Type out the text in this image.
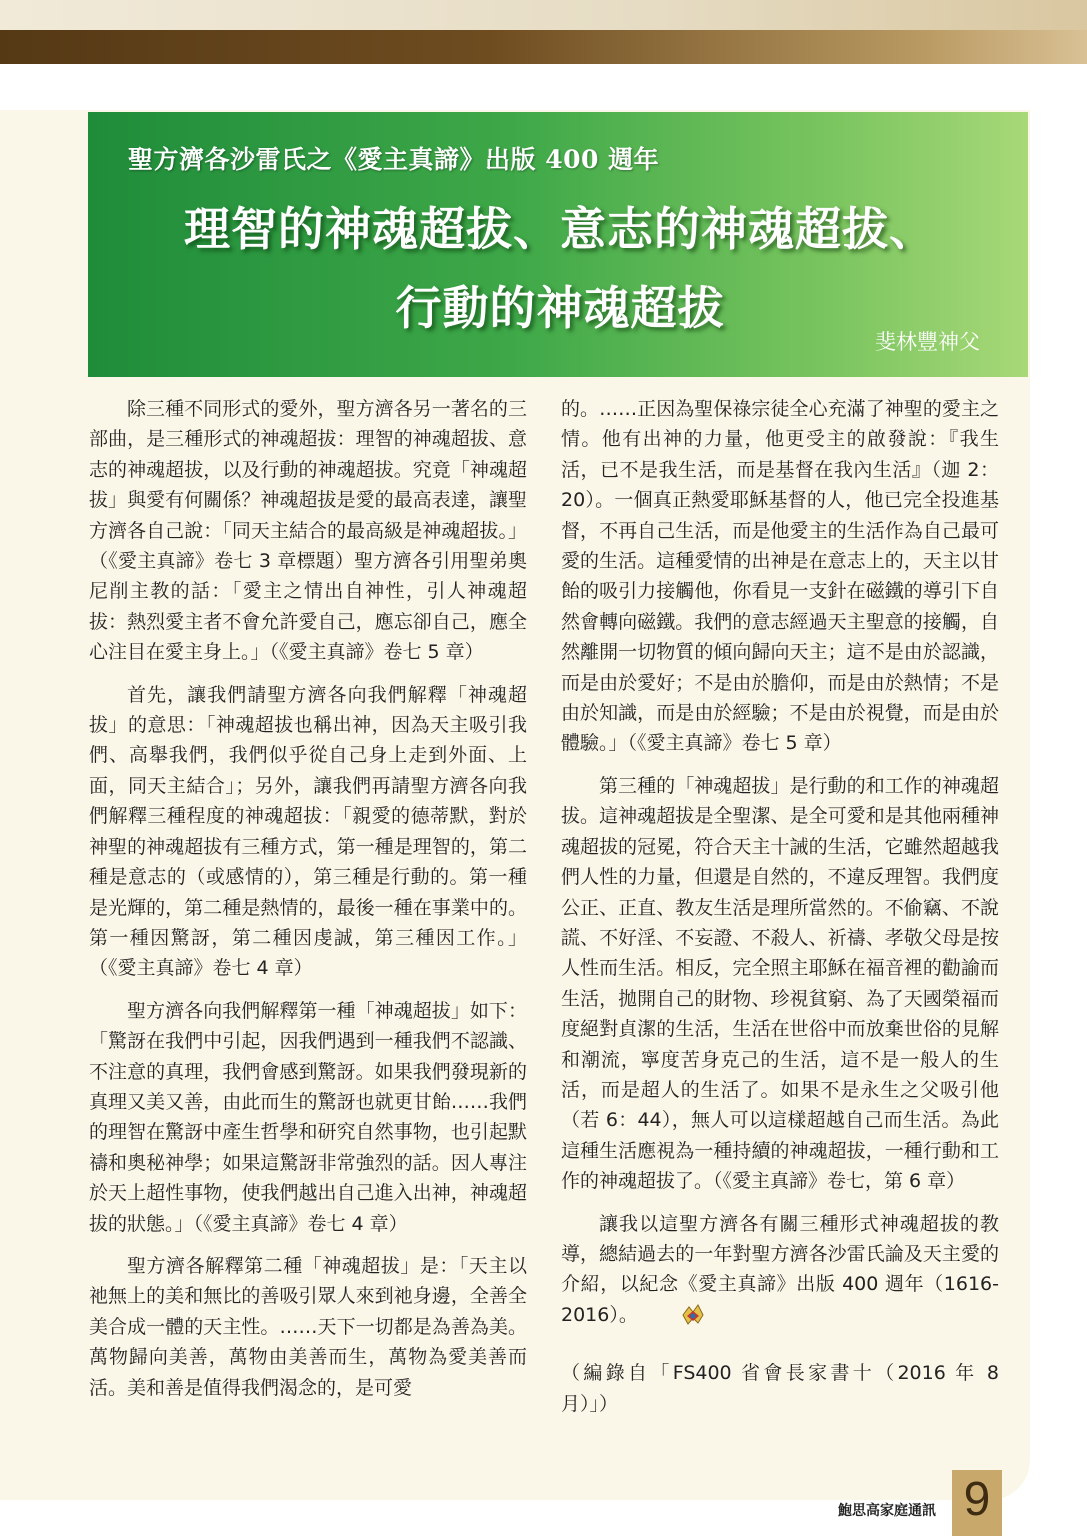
聖方濟各沙雷氏之《愛主真諦》出版 400 週年
理智的神魂超拔、意志的神魂超拔、
行動的神魂超拔
斐林豐神父

除三種不同形式的愛外，聖方濟各另一著名的三部曲，是三種形式的神魂超拔：理智的神魂超拔、意志的神魂超拔，以及行動的神魂超拔。究竟「神魂超拔」與愛有何關係？神魂超拔是愛的最高表達，讓聖方濟各自己說：「同天主結合的最高級是神魂超拔。」（《愛主真諦》卷七 3 章標題）聖方濟各引用聖弟奧尼削主教的話：「愛主之情出自神性，引人神魂超拔：熱烈愛主者不會允許愛自己，應忘卻自己，應全心注目在愛主身上。」（《愛主真諦》卷七 5 章）

首先，讓我們請聖方濟各向我們解釋「神魂超拔」的意思：「神魂超拔也稱出神，因為天主吸引我們、高舉我們，我們似乎從自己身上走到外面、上面，同天主結合」；另外，讓我們再請聖方濟各向我們解釋三種程度的神魂超拔：「親愛的德蒂默，對於神聖的神魂超拔有三種方式，第一種是理智的，第二種是意志的（或感情的），第三種是行動的。第一種是光輝的，第二種是熱情的，最後一種在事業中的。第一種因驚訝，第二種因虔誠，第三種因工作。」（《愛主真諦》卷七 4 章）

聖方濟各向我們解釋第一種「神魂超拔」如下：「驚訝在我們中引起，因我們遇到一種我們不認識、不注意的真理，我們會感到驚訝。如果我們發現新的真理又美又善，由此而生的驚訝也就更甘飴……我們的理智在驚訝中產生哲學和研究自然事物，也引起默禱和奧秘神學；如果這驚訝非常強烈的話。因人專注於天上超性事物，使我們越出自己進入出神，神魂超拔的狀態。」（《愛主真諦》卷七 4 章）

聖方濟各解釋第二種「神魂超拔」是：「天主以祂無上的美和無比的善吸引眾人來到祂身邊，全善全美合成一體的天主性。……天下一切都是為善為美。萬物歸向美善，萬物由美善而生，萬物為愛美善而活。美和善是值得我們渴念的，是可愛

的。……正因為聖保祿宗徒全心充滿了神聖的愛主之情。他有出神的力量，他更受主的啟發說：『我生活，已不是我生活，而是基督在我內生活』（迦 2：20）。一個真正熱愛耶穌基督的人，他已完全投進基督，不再自己生活，而是他愛主的生活作為自己最可愛的生活。這種愛情的出神是在意志上的，天主以甘飴的吸引力接觸他，你看見一支針在磁鐵的導引下自然會轉向磁鐵。我們的意志經過天主聖意的接觸，自然離開一切物質的傾向歸向天主；這不是由於認識，而是由於愛好；不是由於膽仰，而是由於熱情；不是由於知識，而是由於經驗；不是由於視覺，而是由於體驗。」（《愛主真諦》卷七 5 章）

第三種的「神魂超拔」是行動的和工作的神魂超拔。這神魂超拔是全聖潔、是全可愛和是其他兩種神魂超拔的冠冕，符合天主十誡的生活，它雖然超越我們人性的力量，但還是自然的，不違反理智。我們度公正、正直、教友生活是理所當然的。不偷竊、不說謊、不好淫、不妄證、不殺人、祈禱、孝敬父母是按人性而生活。相反，完全照主耶穌在福音裡的勸諭而生活，拋開自己的財物、珍視貧窮、為了天國榮福而度絕對貞潔的生活，生活在世俗中而放棄世俗的見解和潮流，寧度苦身克己的生活，這不是一般人的生活，而是超人的生活了。如果不是永生之父吸引他（若 6：44），無人可以這樣超越自己而生活。為此這種生活應視為一種持續的神魂超拔，一種行動和工作的神魂超拔了。（《愛主真諦》卷七，第 6 章）

讓我以這聖方濟各有關三種形式神魂超拔的教導，總結過去的一年對聖方濟各沙雷氏論及天主愛的介紹，以紀念《愛主真諦》出版 400 週年（1616-2016）。

（編錄自「FS400 省會長家書十（2016 年 8 月）」）

鮑思高家庭通訊 9
